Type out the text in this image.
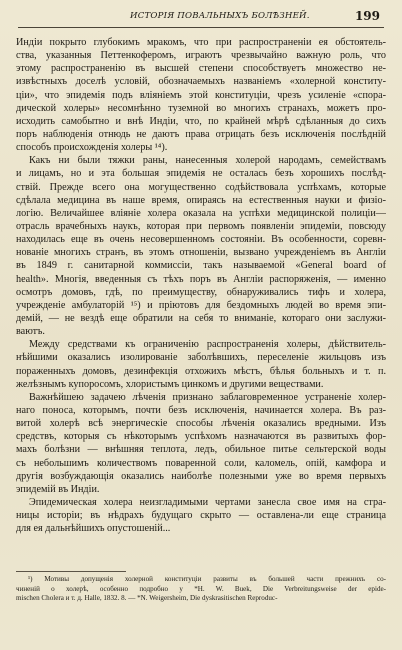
ИСТОРІЯ ПОВАЛЬНЫХЪ БОЛѢЗНЕЙ.	199
Индіи покрыто глубокимъ мракомъ, что при распространеніи ея обстоятель-
ства, указанныя Петтенкоферомъ, играютъ чрезвычайно важную роль, что
этому распространенію въ высшей степени способствуетъ множество не-
извѣстныхъ доселѣ условій, обозначаемыхъ названіемъ «холерной конститу-
ціи», что эпидемія подъ вліяніемъ этой конституціи, чрезъ усиленіе «спора-
дической холеры» несомнѣнно туземной во многихъ странахъ, можетъ про-
исходить самобытно и внѣ Индіи, что, по крайней мѣрѣ сдѣланныя до сихъ
поръ наблюденія отнюдь не даютъ права отрицать безъ исключенія послѣдній
способъ происхожденія холеры ¹⁴).
Какъ ни были тяжки раны, нанесенныя холерой народамъ, семействамъ
и лицамъ, но и эта большая эпидемія не осталась безъ хорошихъ послѣд-
ствій. Прежде всего она могущественно содѣйствовала успѣхамъ, которые
сдѣлала медицина въ наше время, опираясь на естественныя науки и физіо-
логію. Величайшее вліяніе холера оказала на успѣхи медицинской полиціи—
отрасль врачебныхъ наукъ, которая при первомъ появленіи эпидеміи, повсюду
находилась еще въ очень несовершенномъ состояніи. Въ особенности, соревн-
нованіе многихъ странъ, въ этомъ отношеніи, вызвано учрежденіемъ въ Англіи
въ 1849 г. санитарной коммиссіи, такъ называемой «General board of
health». Многія, введенныя съ тѣхъ поръ въ Англіи распоряженія, — именно
осмотръ домовъ, гдѣ, по преимуществу, обнаруживались тифъ и холера,
учрежденіе амбулаторій ¹⁵) и пріютовъ для бездомныхъ людей во время эпи-
демій, — не вездѣ еще обратили на себя то вниманіе, котораго они заслужи-
ваютъ.
Между средствами къ ограниченію распространенія холеры, дѣйствитель-
нѣйшими оказались изолированіе заболѣвшихъ, переселеніе жильцовъ изъ
пораженныхъ домовъ, дезинфекція отхожихъ мѣстъ, бѣлья больныхъ и т. п.
желѣзнымъ купоросомъ, хлористымъ цинкомъ и другими веществами.
Важнѣйшею задачею лѣченія признано заблаговременное устраненіе холер-
наго поноса, которымъ, почти безъ исключенія, начинается холера. Въ раз-
витой холерѣ всѣ энергическіе способы лѣченія оказались вредными. Изъ
средствъ, которыя съ нѣкоторымъ успѣхомъ назначаются въ развитыхъ фор-
махъ болѣзни — внѣшняя теплота, ледъ, обильное питье сельтерской воды
съ небольшимъ количествомъ поваренной соли, каломель, опій, камфора и
другія возбуждающія оказались наиболѣе полезными уже во время первыхъ
эпидемій въ Индіи.
Эпидемическая холера неизгладимыми чертами занесла свое имя на стра-
ницы исторіи; въ нѣдрахъ будущаго скрыто — оставлена-ли еще страница
для ея дальнѣйшихъ опустошеній...
¹) Мотивы допущенія холерной конституціи развиты въ большей части прежнихъ со-
чиненій о холерѣ, особенно подробно у *H. W. Buek, Die Verbreitungsweise der epide-
mischen Cholera и т. д. Halle, 1832. 8. — *N. Weigersheim, Die dyskrasitischen Reproduc-
